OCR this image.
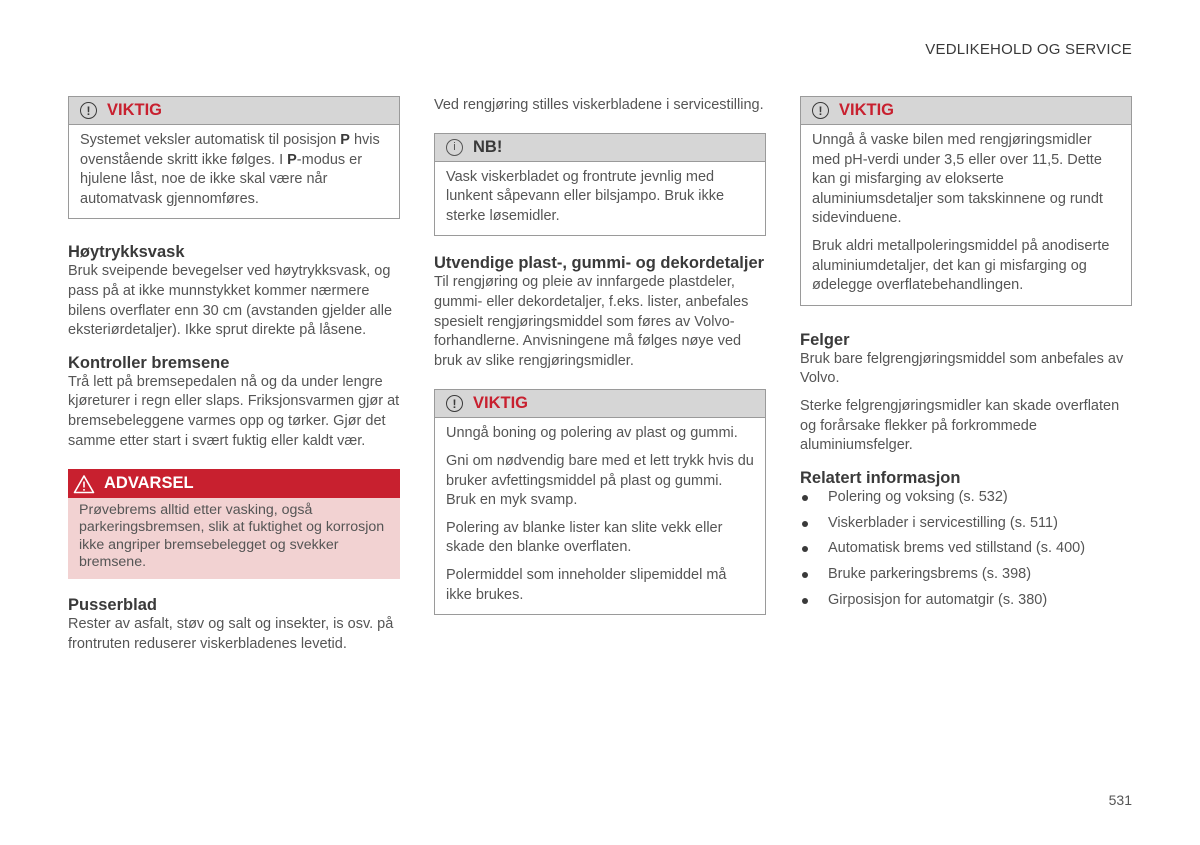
VEDLIKEHOLD OG SERVICE
!	VIKTIG

Systemet veksler automatisk til posisjon P hvis ovenstående skritt ikke følges. I P-modus er hjulene låst, noe de ikke skal være når automatvask gjennomføres.

Høytrykksvask

Bruk sveipende bevegelser ved høytrykksvask, og pass på at ikke munnstykket kommer nærmere bilens overflater enn 30 cm (avstanden gjelder alle eksteriørdetaljer). Ikke sprut direkte på låsene.

Kontroller bremsene

Trå lett på bremsepedalen nå og da under lengre kjøreturer i regn eller slaps. Friksjonsvarmen gjør at bremsebeleggene varmes opp og tørker. Gjør det samme etter start i svært fuktig eller kaldt vær.

ADVARSEL

Prøvebrems alltid etter vasking, også parkeringsbremsen, slik at fuktighet og korrosjon ikke angriper bremsebelegget og svekker bremsene.

Pusserblad

Rester av asfalt, støv og salt og insekter, is osv. på frontruten reduserer viskerbladenes levetid.

Ved rengjøring stilles viskerbladene i servicestilling.

i	NB!

Vask viskerbladet og frontrute jevnlig med lunkent såpevann eller bilsjampo. Bruk ikke sterke løsemidler.

Utvendige plast-, gummi- og dekordetaljer

Til rengjøring og pleie av innfargede plastdeler, gummi- eller dekordetaljer, f.eks. lister, anbefales spesielt rengjøringsmiddel som føres av Volvo-forhandlerne. Anvisningene må følges nøye ved bruk av slike rengjøringsmidler.

!	VIKTIG

Unngå boning og polering av plast og gummi.

Gni om nødvendig bare med et lett trykk hvis du bruker avfettingsmiddel på plast og gummi. Bruk en myk svamp.

Polering av blanke lister kan slite vekk eller skade den blanke overflaten.

Polermiddel som inneholder slipemiddel må ikke brukes.

!	VIKTIG

Unngå å vaske bilen med rengjøringsmidler med pH-verdi under 3,5 eller over 11,5. Dette kan gi misfarging av elokserte aluminiumsdetaljer som takskinnene og rundt sidevinduene.

Bruk aldri metallpoleringsmiddel på anodiserte aluminiumdetaljer, det kan gi misfarging og ødelegge overflatebehandlingen.

Felger

Bruk bare felgrengjøringsmiddel som anbefales av Volvo.

Sterke felgrengjøringsmidler kan skade overflaten og forårsake flekker på forkrommede aluminiumsfelger.

Relatert informasjon
Polering og voksing (s. 532)
Viskerblader i servicestilling (s. 511)
Automatisk brems ved stillstand (s. 400)
Bruke parkeringsbrems (s. 398)
Girposisjon for automatgir (s. 380)
531
